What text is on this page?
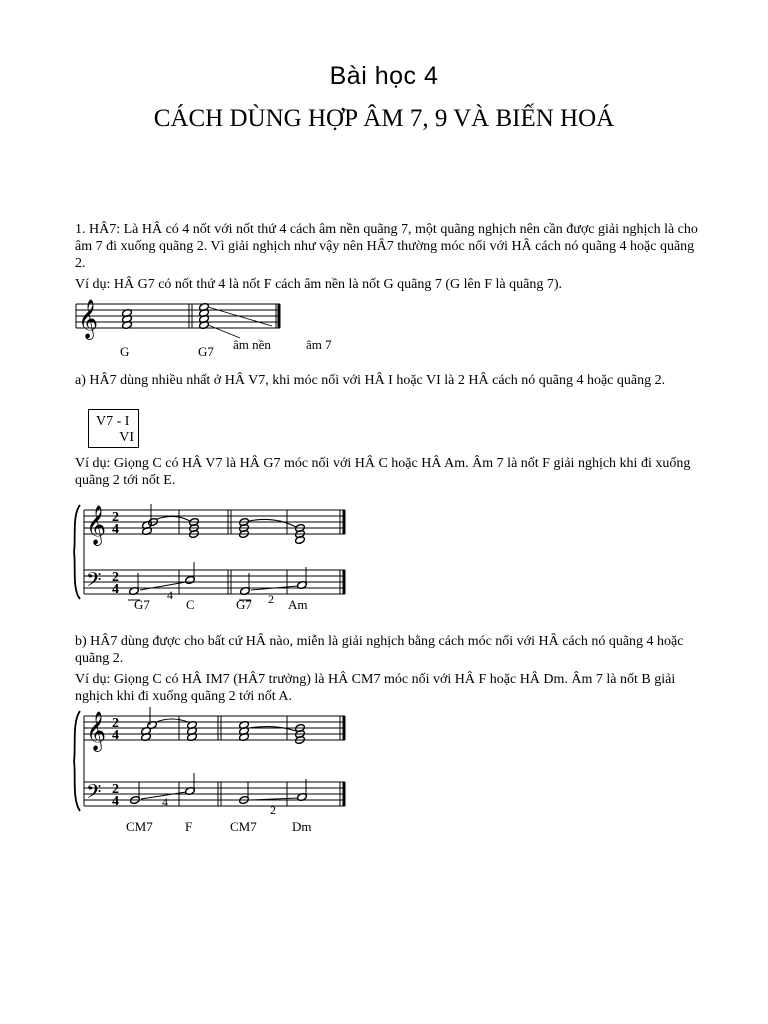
Bài học 4
CÁCH DÙNG HỢP ÂM 7, 9 VÀ BIẾN HOÁ
1. HÂ7: Là HÂ có 4 nốt với nốt thứ 4 cách âm nền quãng 7, một quãng nghịch nên cần được giải nghịch là cho âm 7 đi xuống quãng 2. Vì giải nghịch như vậy nên HÂ7 thường móc nối với HÂ cách nó quãng 4 hoặc quãng 2.
Ví dụ: HÂ G7 có nốt thứ 4 là nốt F cách âm nền là nốt G quãng 7 (G lên F là quãng 7).
𝄞
G	G7 âm nền	âm 7
a) HÂ7 dùng nhiều nhất ở HÂ V7, khi móc nối với HÂ I hoặc VI là 2 HÂ cách nó quãng 4 hoặc quãng 2.
V7 - I
VI
Ví dụ: Giọng C có HÂ V7 là HÂ G7 móc nối với HÂ C hoặc HÂ Am. Âm 7 là nốt F giải nghịch khi đi xuống quãng 2 tới nốt E.
𝄞
𝄢
2
4
2
4
G7
4
C	G7 2 Am
b) HÂ7 dùng được cho bất cứ HÂ nào, miễn là giải nghịch bằng cách móc nối với HÂ cách nó quãng 4 hoặc quãng 2.
Ví dụ: Giọng C có HÂ IM7 (HÂ7 trưởng) là HÂ CM7 móc nối với HÂ F hoặc HÂ Dm. Âm 7 là nốt B giải nghịch khi đi xuống quãng 2 tới nốt A.
𝄞
𝄢
2
4
2
4	4
2
CM7 F	CM7	Dm
